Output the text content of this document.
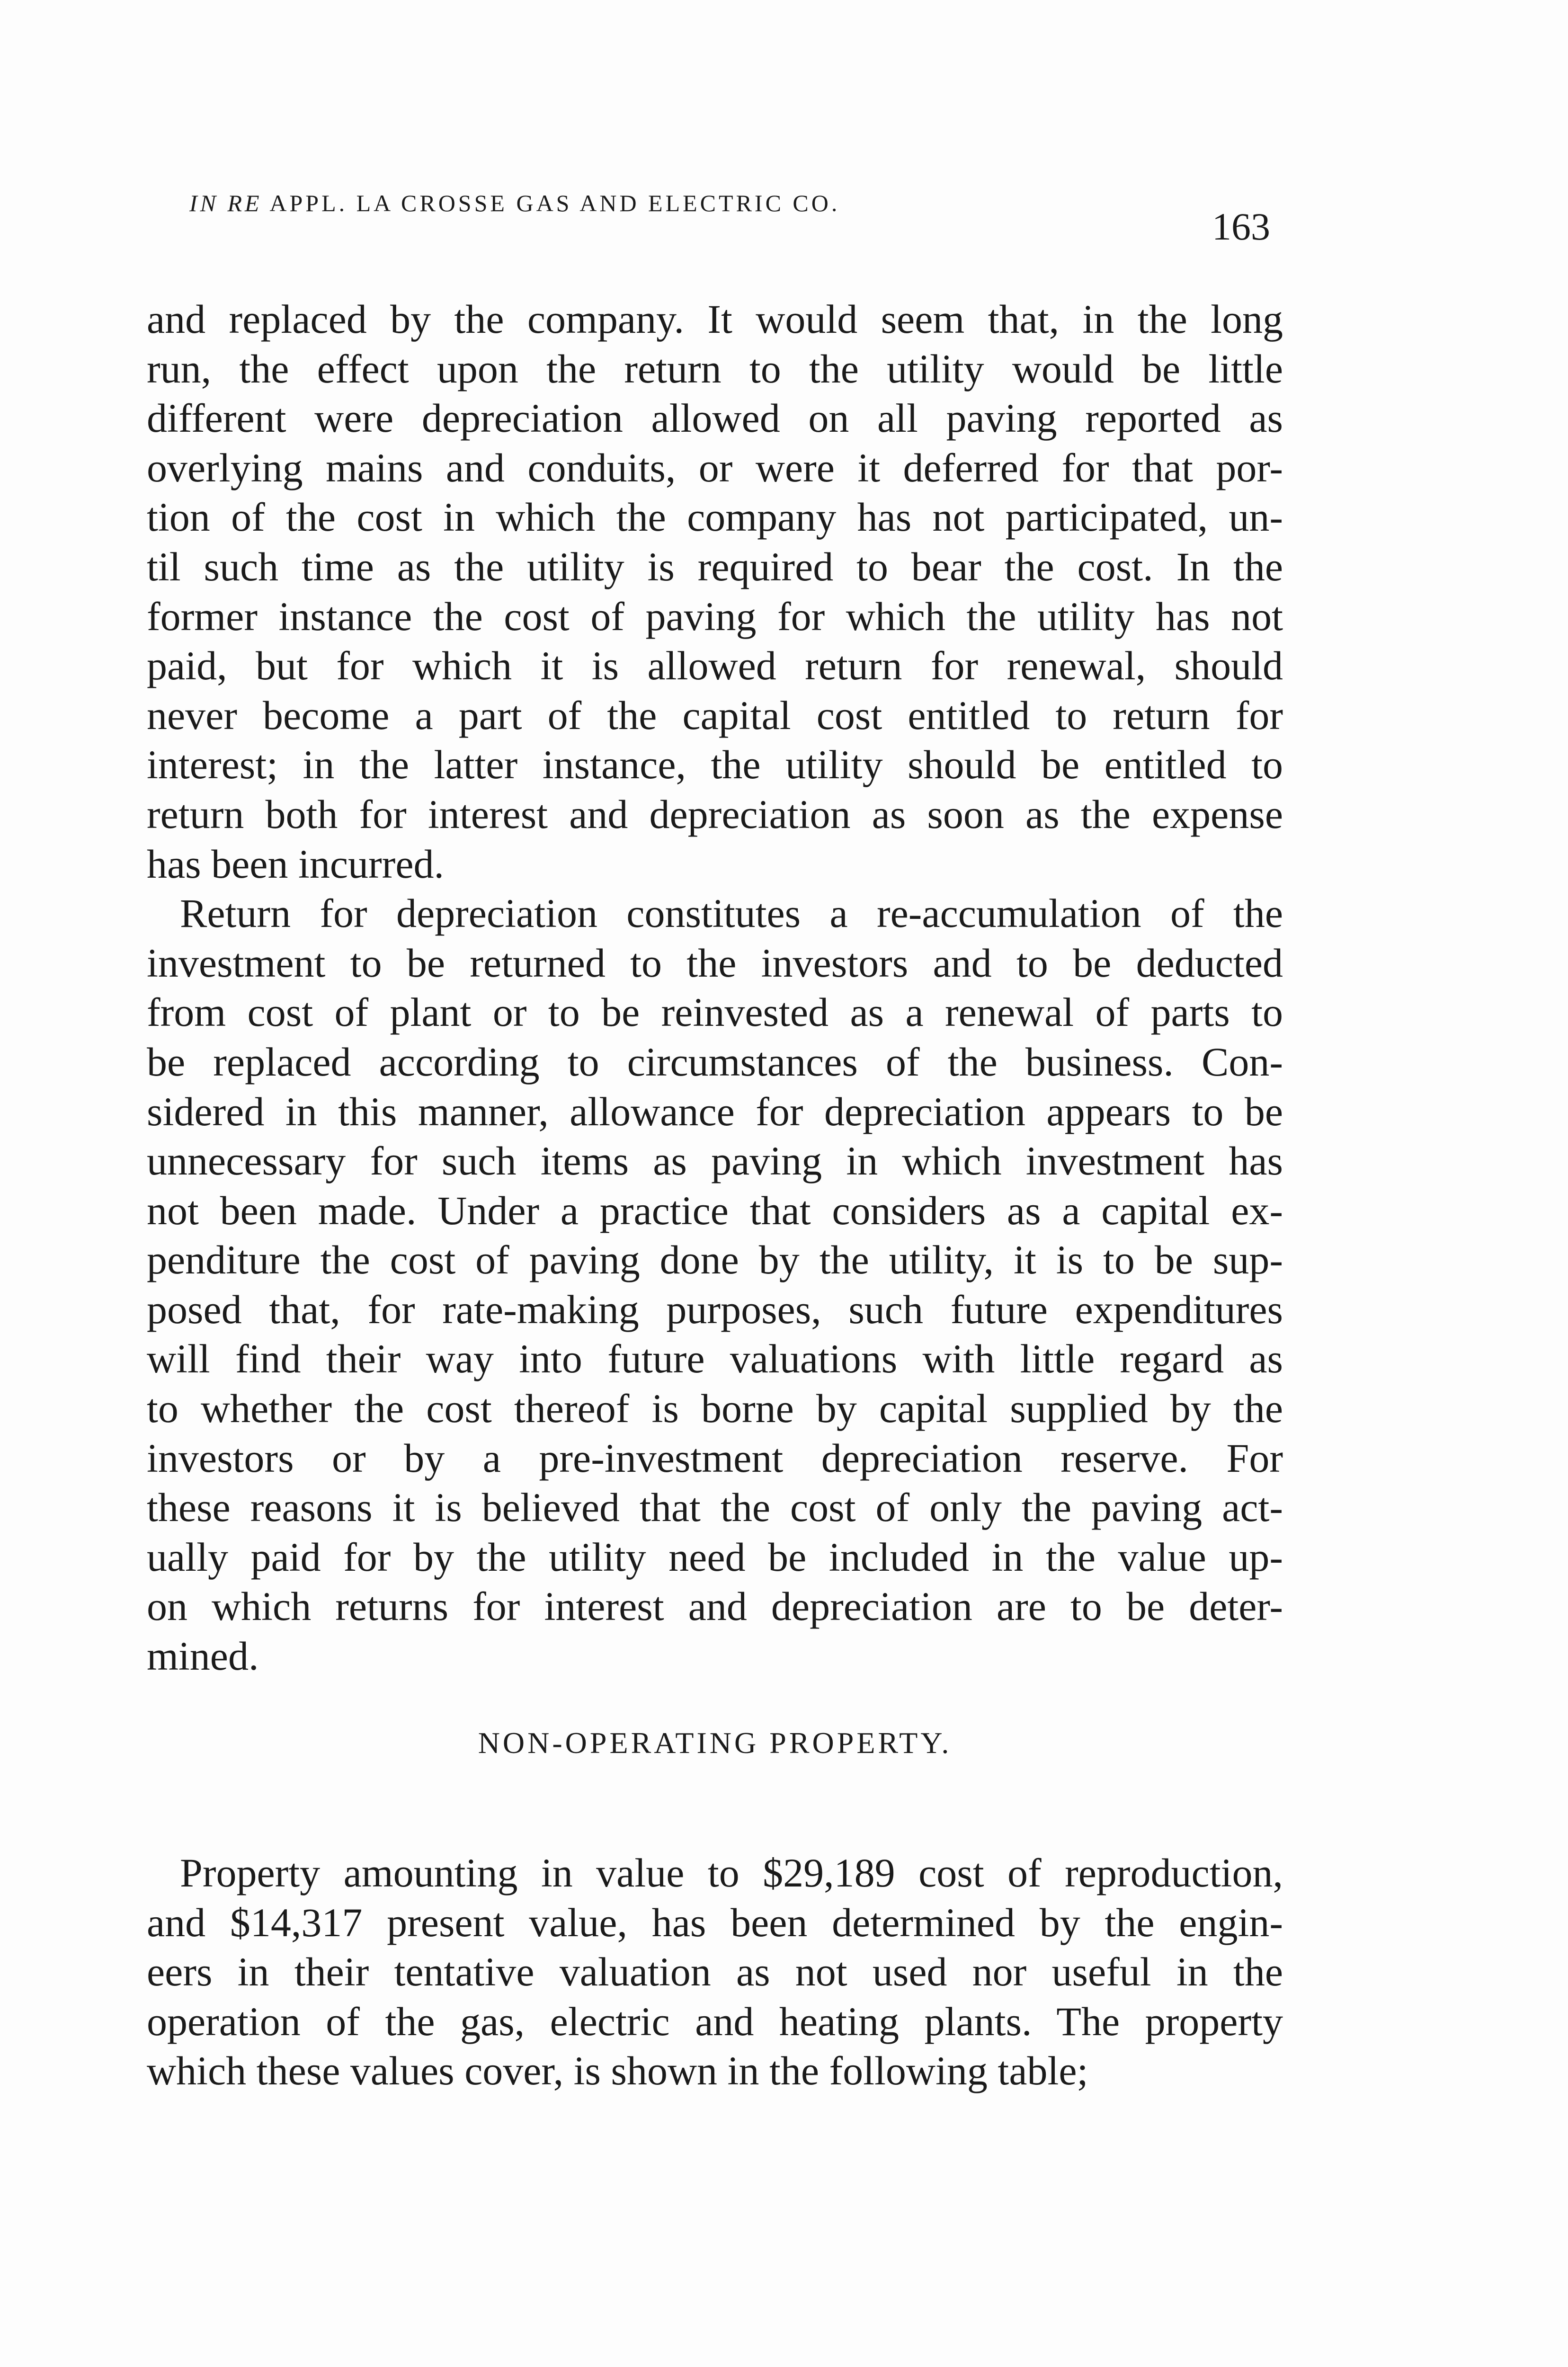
IN RE APPL. LA CROSSE GAS AND ELECTRIC CO.
163

and replaced by the company. It would seem that, in the long
run, the effect upon the return to the utility would be little
different were depreciation allowed on all paving reported as
overlying mains and conduits, or were it deferred for that por-
tion of the cost in which the company has not participated, un-
til such time as the utility is required to bear the cost. In the
former instance the cost of paving for which the utility has not
paid, but for which it is allowed return for renewal, should
never become a part of the capital cost entitled to return for
interest; in the latter instance, the utility should be entitled to
return both for interest and depreciation as soon as the expense
has been incurred.

Return for depreciation constitutes a re-accumulation of the
investment to be returned to the investors and to be deducted
from cost of plant or to be reinvested as a renewal of parts to
be replaced according to circumstances of the business. Con-
sidered in this manner, allowance for depreciation appears to be
unnecessary for such items as paving in which investment has
not been made. Under a practice that considers as a capital ex-
penditure the cost of paving done by the utility, it is to be sup-
posed that, for rate-making purposes, such future expenditures
will find their way into future valuations with little regard as
to whether the cost thereof is borne by capital supplied by the
investors or by a pre-investment depreciation reserve. For
these reasons it is believed that the cost of only the paving act-
ually paid for by the utility need be included in the value up-
on which returns for interest and depreciation are to be deter-
mined.

NON-OPERATING PROPERTY.

Property amounting in value to $29,189 cost of reproduction,
and $14,317 present value, has been determined by the engin-
eers in their tentative valuation as not used nor useful in the
operation of the gas, electric and heating plants. The property
which these values cover, is shown in the following table;
